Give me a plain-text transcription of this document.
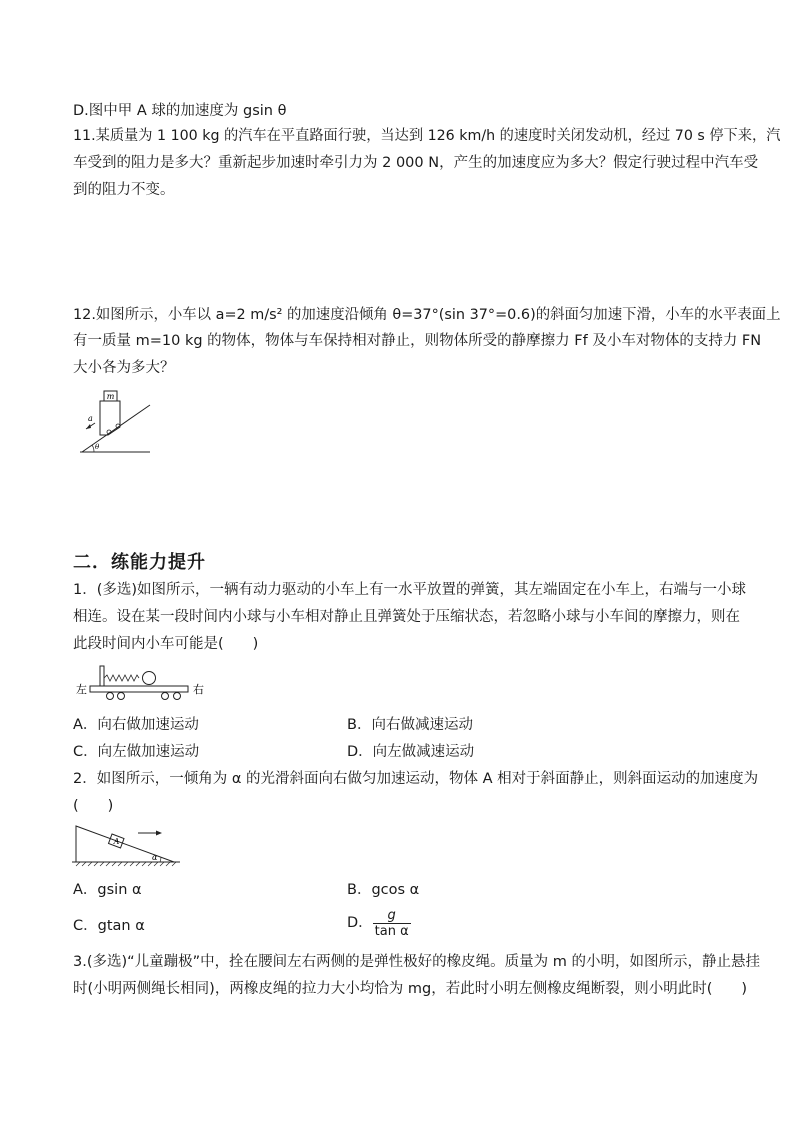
D.图中甲 A 球的加速度为 gsin θ
11.某质量为 1 100 kg 的汽车在平直路面行驶，当达到 126 km/h 的速度时关闭发动机，经过 70 s 停下来，汽
车受到的阻力是多大？重新起步加速时牵引力为 2 000 N，产生的加速度应为多大？假定行驶过程中汽车受
到的阻力不变。
12.如图所示，小车以 a=2 m/s² 的加速度沿倾角 θ=37°(sin 37°=0.6)的斜面匀加速下滑，小车的水平表面上
有一质量 m=10 kg 的物体，物体与车保持相对静止，则物体所受的静摩擦力 Ff 及小车对物体的支持力 FN
大小各为多大？
m
a
θ
二．练能力提升
1．(多选)如图所示，一辆有动力驱动的小车上有一水平放置的弹簧，其左端固定在小车上，右端与一小球
相连。设在某一段时间内小球与小车相对静止且弹簧处于压缩状态，若忽略小球与小车间的摩擦力，则在
此段时间内小车可能是(　　)
左	右
A．向右做加速运动	B．向右做减速运动
C．向左做加速运动	D．向左做减速运动
2．如图所示，一倾角为 α 的光滑斜面向右做匀加速运动，物体 A 相对于斜面静止，则斜面运动的加速度为
(　　)
A
α
A．gsin α	B．gcos α
C．gtan α	D． $\frac{g}{\text{tan α}}$
3.(多选)“儿童蹦极”中，拴在腰间左右两侧的是弹性极好的橡皮绳。质量为 m 的小明，如图所示，静止悬挂
时(小明两侧绳长相同)，两橡皮绳的拉力大小均恰为 mg，若此时小明左侧橡皮绳断裂，则小明此时(　　)
